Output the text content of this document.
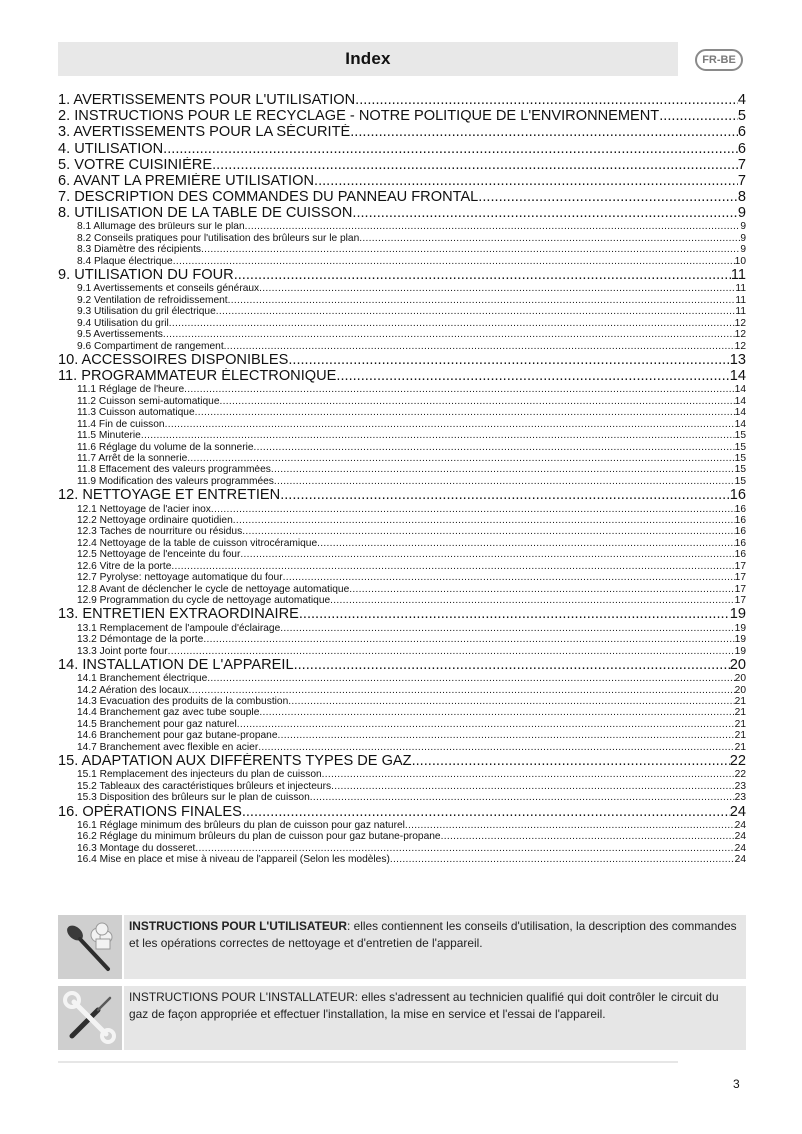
Index	FR-BE
1. AVERTISSEMENTS POUR L'UTILISATION .....	4
2. INSTRUCTIONS POUR LE RECYCLAGE - NOTRE POLITIQUE DE L'ENVIRONNEMENT .....	5
3. AVERTISSEMENTS POUR LA SÉCURITÉ .....	6
4. UTILISATION .....	6
5. VOTRE CUISINIÈRE .....	7
6. AVANT LA PREMIÈRE UTILISATION .....	7
7. DESCRIPTION DES COMMANDES DU PANNEAU FRONTAL .....	8
8. UTILISATION DE LA TABLE DE CUISSON .....	9
8.1 Allumage des brûleurs sur le plan .....	9
8.2 Conseils pratiques pour l'utilisation des brûleurs sur le plan .....	9
8.3 Diamètre des récipients .....	9
8.4 Plaque électrique .....	10
9. UTILISATION DU FOUR .....	11
9.1 Avertissements et conseils généraux .....	11
9.2 Ventilation de refroidissement .....	11
9.3 Utilisation du gril électrique .....	11
9.4 Utilisation du gril .....	12
9.5 Avertissements .....	12
9.6 Compartiment de rangement .....	12
10. ACCESSOIRES DISPONIBLES .....	13
11. PROGRAMMATEUR ÉLECTRONIQUE .....	14
11.1 Réglage de l'heure .....	14
11.2 Cuisson semi-automatique .....	14
11.3 Cuisson automatique .....	14
11.4 Fin de cuisson .....	14
11.5 Minuterie .....	15
11.6 Réglage du volume de la sonnerie .....	15
11.7 Arrêt de la sonnerie .....	15
11.8 Effacement des valeurs programmées .....	15
11.9 Modification des valeurs programmées .....	15
12. NETTOYAGE ET ENTRETIEN .....	16
12.1 Nettoyage de l'acier inox .....	16
12.2 Nettoyage ordinaire quotidien .....	16
12.3 Taches de nourriture ou résidus .....	16
12.4 Nettoyage de la table de cuisson vitrocéramique .....	16
12.5 Nettoyage de l'enceinte du four .....	16
12.6 Vitre de la porte .....	17
12.7 Pyrolyse: nettoyage automatique du four .....	17
12.8 Avant de déclencher le cycle de nettoyage automatique .....	17
12.9 Programmation du cycle de nettoyage automatique .....	17
13. ENTRETIEN EXTRAORDINAIRE .....	19
13.1 Remplacement de l'ampoule d'éclairage .....	19
13.2 Démontage de la porte .....	19
13.3 Joint porte four .....	19
14. INSTALLATION DE L'APPAREIL .....	20
14.1 Branchement électrique .....	20
14.2 Aération des locaux .....	20
14.3 Évacuation des produits de la combustion .....	21
14.4 Branchement gaz avec tube souple .....	21
14.5 Branchement pour gaz naturel .....	21
14.6 Branchement pour gaz butane-propane .....	21
14.7 Branchement avec flexible en acier .....	21
15. ADAPTATION AUX DIFFÉRENTS TYPES DE GAZ .....	22
15.1 Remplacement des injecteurs du plan de cuisson .....	22
15.2 Tableaux des caractéristiques brûleurs et injecteurs .....	23
15.3 Disposition des brûleurs sur le plan de cuisson .....	23
16. OPÉRATIONS FINALES .....	24
16.1 Réglage minimum des brûleurs du plan de cuisson pour gaz naturel .....	24
16.2 Réglage du minimum brûleurs du plan de cuisson pour gaz butane-propane .....	24
16.3 Montage du dosseret .....	24
16.4 Mise en place et mise à niveau de l'appareil (Selon les modèles) .....	24
INSTRUCTIONS POUR L'UTILISATEUR: elles contiennent les conseils d'utilisation, la description des commandes et les opérations correctes de nettoyage et d'entretien de l'appareil.
INSTRUCTIONS POUR L'INSTALLATEUR: elles s'adressent au technicien qualifié qui doit contrôler le circuit du gaz de façon appropriée et effectuer l'installation, la mise en service et l'essai de l'appareil.
3
